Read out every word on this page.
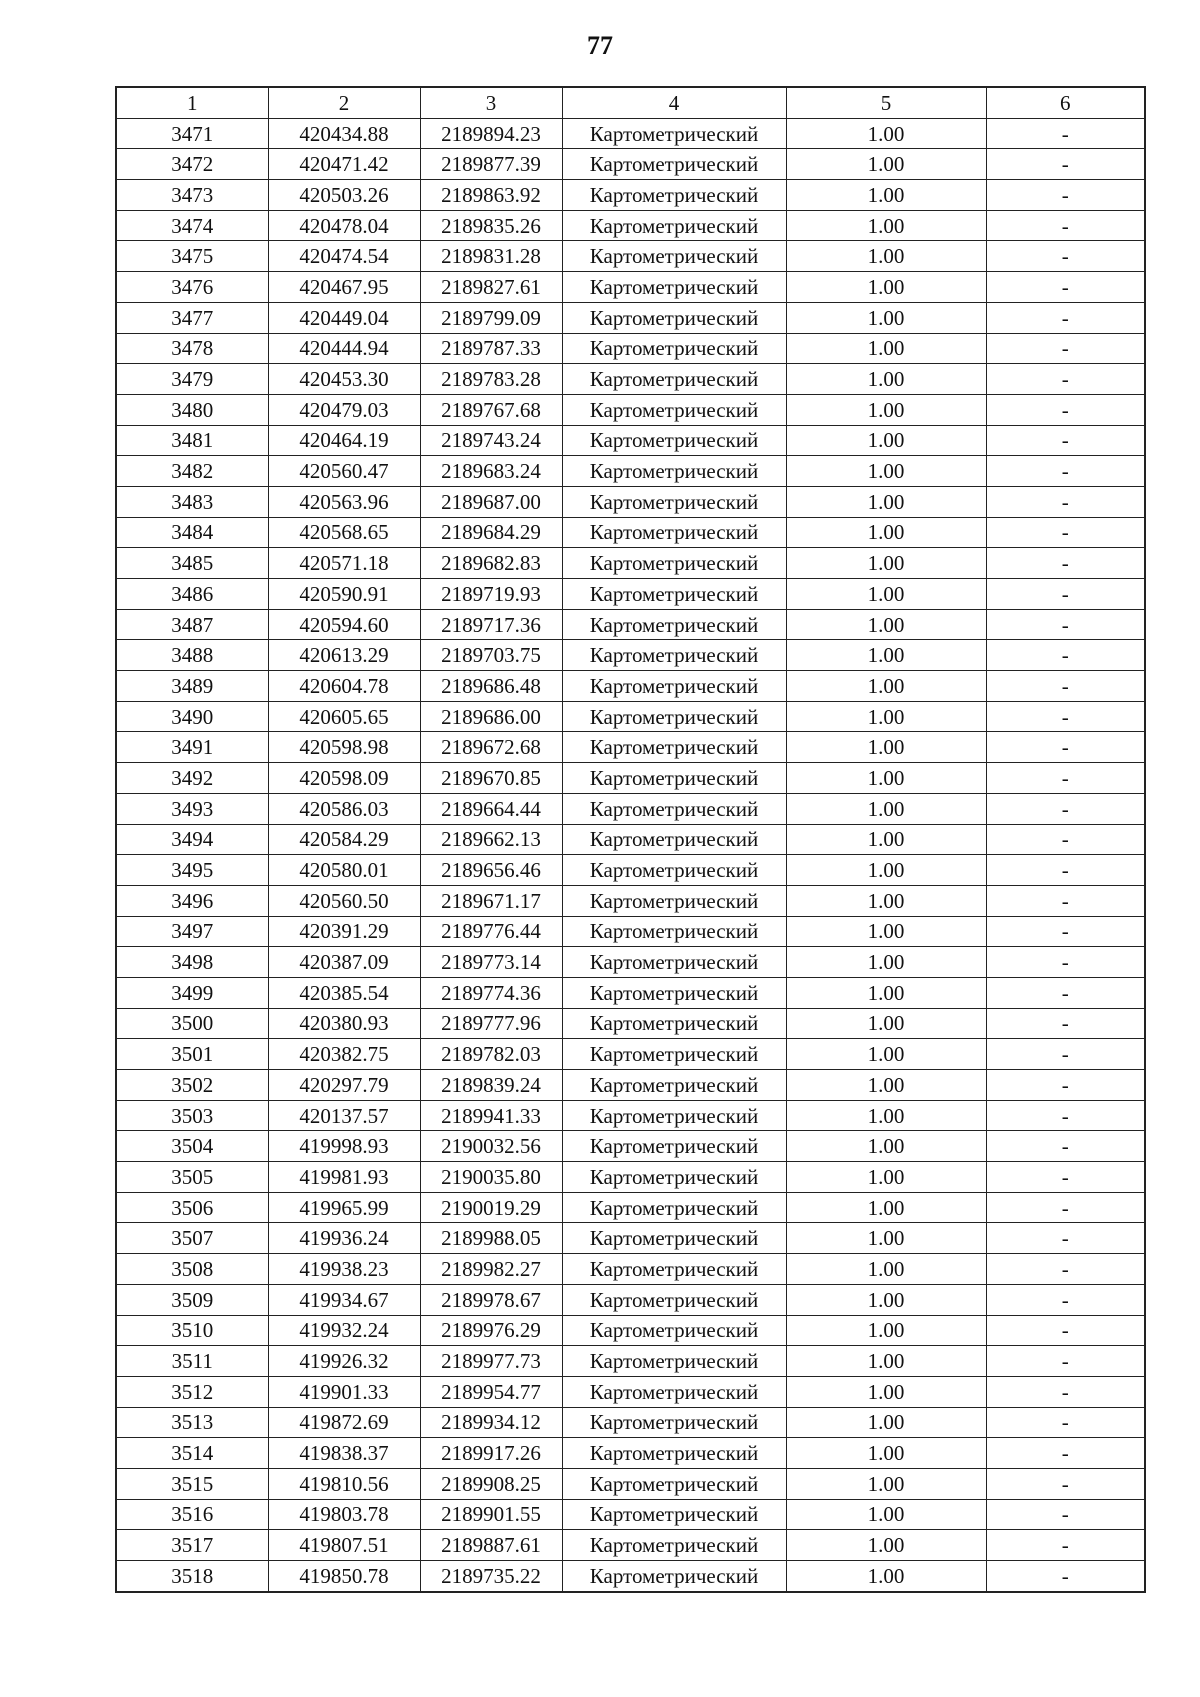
77
1	2	3	4	5	6
3471	420434.88	2189894.23	Картометрический	1.00	-
3472	420471.42	2189877.39	Картометрический	1.00	-
3473	420503.26	2189863.92	Картометрический	1.00	-
3474	420478.04	2189835.26	Картометрический	1.00	-
3475	420474.54	2189831.28	Картометрический	1.00	-
3476	420467.95	2189827.61	Картометрический	1.00	-
3477	420449.04	2189799.09	Картометрический	1.00	-
3478	420444.94	2189787.33	Картометрический	1.00	-
3479	420453.30	2189783.28	Картометрический	1.00	-
3480	420479.03	2189767.68	Картометрический	1.00	-
3481	420464.19	2189743.24	Картометрический	1.00	-
3482	420560.47	2189683.24	Картометрический	1.00	-
3483	420563.96	2189687.00	Картометрический	1.00	-
3484	420568.65	2189684.29	Картометрический	1.00	-
3485	420571.18	2189682.83	Картометрический	1.00	-
3486	420590.91	2189719.93	Картометрический	1.00	-
3487	420594.60	2189717.36	Картометрический	1.00	-
3488	420613.29	2189703.75	Картометрический	1.00	-
3489	420604.78	2189686.48	Картометрический	1.00	-
3490	420605.65	2189686.00	Картометрический	1.00	-
3491	420598.98	2189672.68	Картометрический	1.00	-
3492	420598.09	2189670.85	Картометрический	1.00	-
3493	420586.03	2189664.44	Картометрический	1.00	-
3494	420584.29	2189662.13	Картометрический	1.00	-
3495	420580.01	2189656.46	Картометрический	1.00	-
3496	420560.50	2189671.17	Картометрический	1.00	-
3497	420391.29	2189776.44	Картометрический	1.00	-
3498	420387.09	2189773.14	Картометрический	1.00	-
3499	420385.54	2189774.36	Картометрический	1.00	-
3500	420380.93	2189777.96	Картометрический	1.00	-
3501	420382.75	2189782.03	Картометрический	1.00	-
3502	420297.79	2189839.24	Картометрический	1.00	-
3503	420137.57	2189941.33	Картометрический	1.00	-
3504	419998.93	2190032.56	Картометрический	1.00	-
3505	419981.93	2190035.80	Картометрический	1.00	-
3506	419965.99	2190019.29	Картометрический	1.00	-
3507	419936.24	2189988.05	Картометрический	1.00	-
3508	419938.23	2189982.27	Картометрический	1.00	-
3509	419934.67	2189978.67	Картометрический	1.00	-
3510	419932.24	2189976.29	Картометрический	1.00	-
3511	419926.32	2189977.73	Картометрический	1.00	-
3512	419901.33	2189954.77	Картометрический	1.00	-
3513	419872.69	2189934.12	Картометрический	1.00	-
3514	419838.37	2189917.26	Картометрический	1.00	-
3515	419810.56	2189908.25	Картометрический	1.00	-
3516	419803.78	2189901.55	Картометрический	1.00	-
3517	419807.51	2189887.61	Картометрический	1.00	-
3518	419850.78	2189735.22	Картометрический	1.00	-
